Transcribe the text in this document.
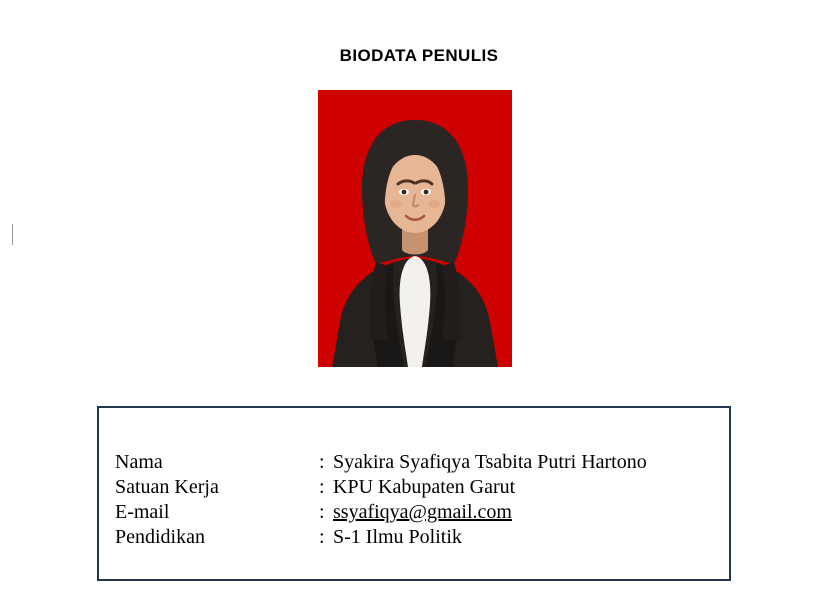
BIODATA PENULIS
Nama	:	Syakira Syafiqya Tsabita Putri Hartono
Satuan Kerja	:	KPU Kabupaten Garut
E-mail	:	ssyafiqya@gmail.com
Pendidikan	:	S-1 Ilmu Politik
